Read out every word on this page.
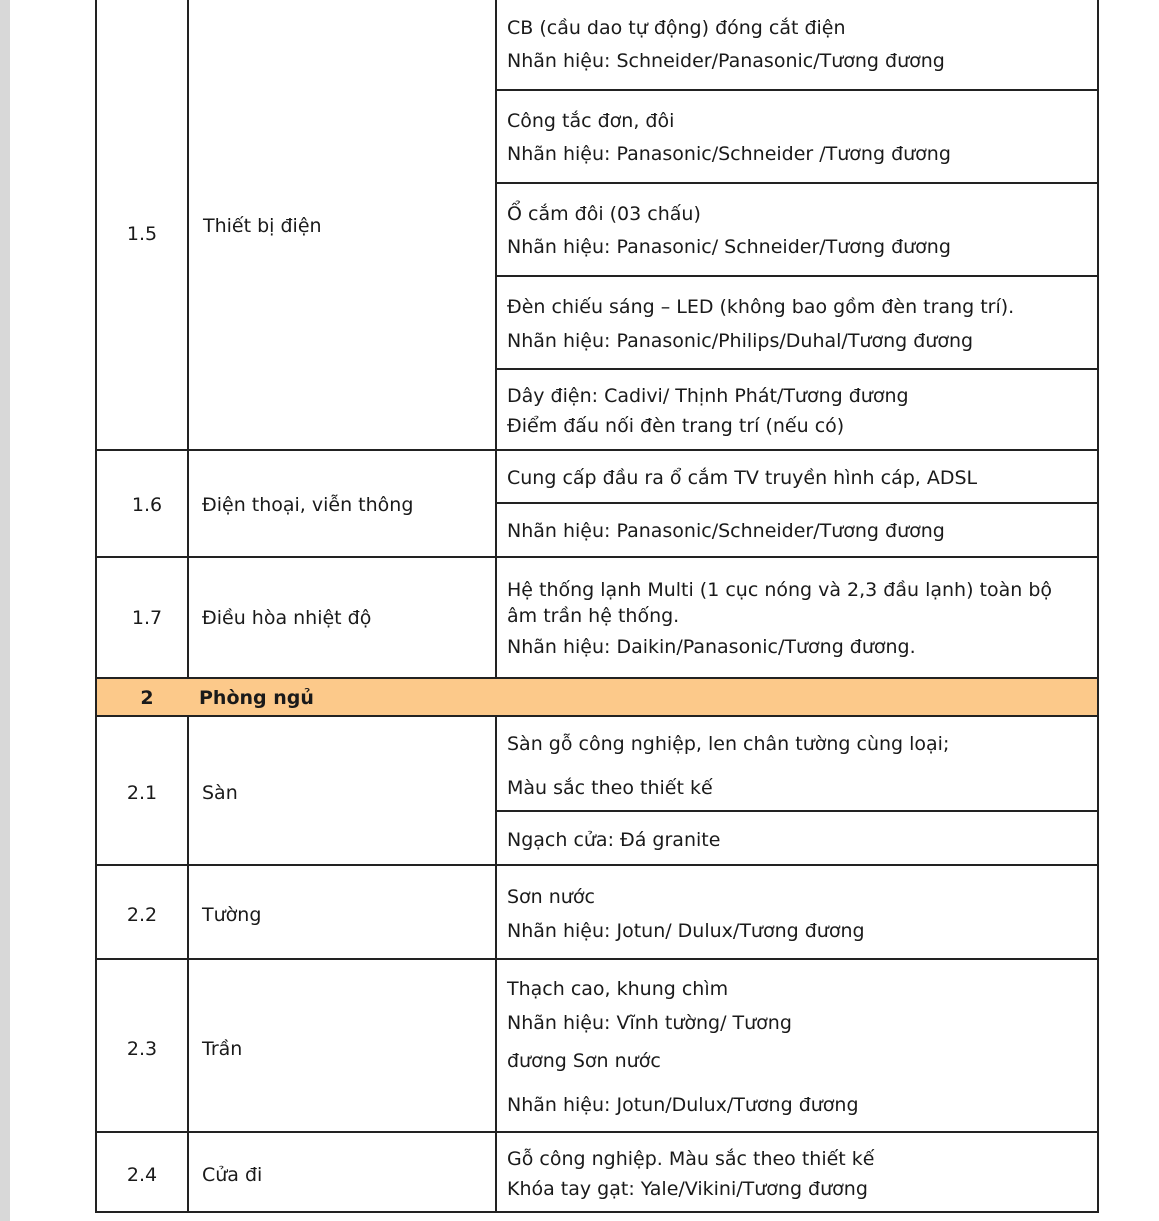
1.5	Thiết bị điện
CB (cầu dao tự động) đóng cắt điện
Nhãn hiệu: Schneider/Panasonic/Tương đương
Công tắc đơn, đôi
Nhãn hiệu: Panasonic/Schneider /Tương đương
Ổ cắm đôi (03 chấu)
Nhãn hiệu: Panasonic/ Schneider/Tương đương
Đèn chiếu sáng – LED (không bao gồm đèn trang trí).
Nhãn hiệu: Panasonic/Philips/Duhal/Tương đương
Dây điện: Cadivi/ Thịnh Phát/Tương đương
Điểm đấu nối đèn trang trí (nếu có)
1.6	Điện thoại, viễn thông
Cung cấp đầu ra ổ cắm TV truyền hình cáp, ADSL
Nhãn hiệu: Panasonic/Schneider/Tương đương
1.7	Điều hòa nhiệt độ
Hệ thống lạnh Multi (1 cục nóng và 2,3 đầu lạnh) toàn bộ
âm trần hệ thống.
Nhãn hiệu: Daikin/Panasonic/Tương đương.
2	Phòng ngủ
2.1	Sàn
Sàn gỗ công nghiệp, len chân tường cùng loại;
Màu sắc theo thiết kế
Ngạch cửa: Đá granite
2.2	Tường
Sơn nước
Nhãn hiệu: Jotun/ Dulux/Tương đương
2.3	Trần
Thạch cao, khung chìm
Nhãn hiệu: Vĩnh tường/ Tương
đương Sơn nước
Nhãn hiệu: Jotun/Dulux/Tương đương
2.4	Cửa đi
Gỗ công nghiệp. Màu sắc theo thiết kế
Khóa tay gạt: Yale/Vikini/Tương đương
